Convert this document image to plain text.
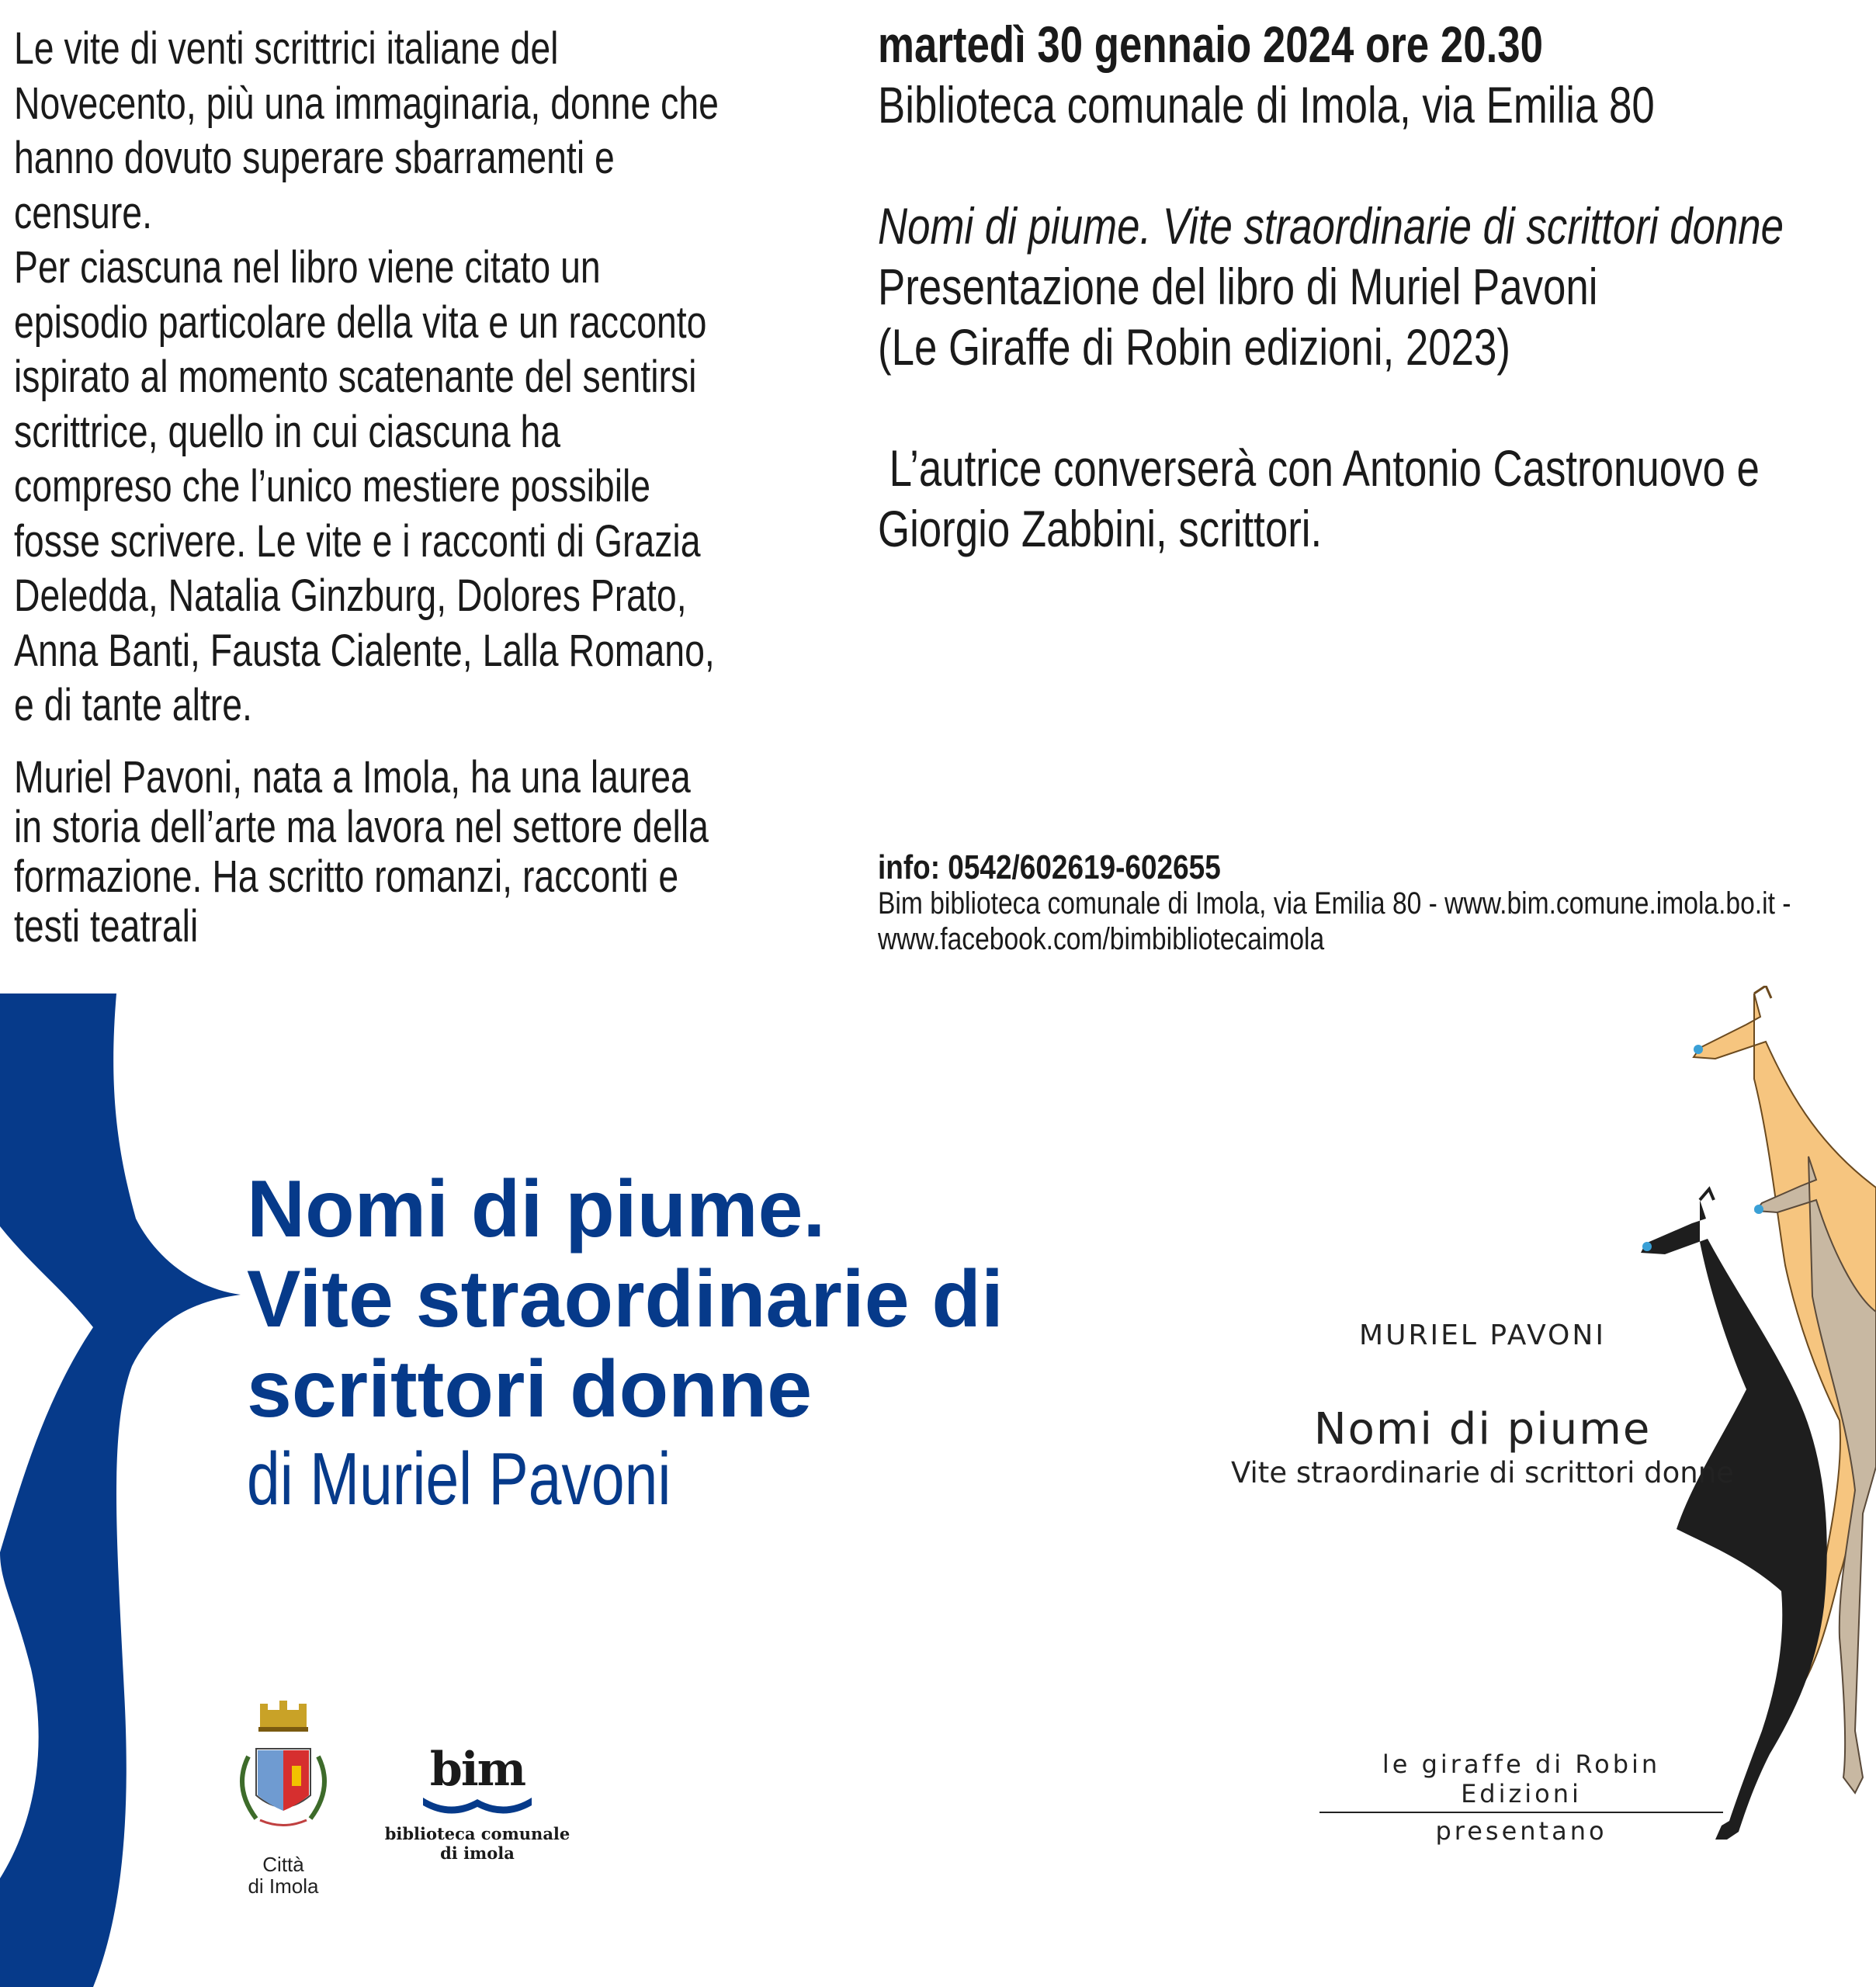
Le vite di venti scrittrici italiane del Novecento, più una immaginaria, donne che hanno dovuto superare sbarramenti e censure.

Per ciascuna nel libro viene citato un episodio particolare della vita e un racconto ispirato al momento scatenante del sentirsi scrittrice, quello in cui ciascuna ha compreso che l’unico mestiere possibile fosse scrivere. Le vite e i racconti di Grazia Deledda, Natalia Ginzburg, Dolores Prato, Anna Banti, Fausta Cialente, Lalla Romano, e di tante altre.

Muriel Pavoni, nata a Imola, ha una laurea in storia dell’arte ma lavora nel settore della formazione. Ha scritto romanzi, racconti e testi teatrali
martedì 30 gennaio 2024 ore 20.30
Biblioteca comunale di Imola, via Emilia 80
Nomi di piume. Vite straordinarie di scrittori donne
Presentazione del libro di Muriel Pavoni
(Le Giraffe di Robin edizioni, 2023)
L’autrice converserà con Antonio Castronuovo e Giorgio Zabbini, scrittori.
info: 0542/602619-602655
Bim biblioteca comunale di Imola, via Emilia 80 - www.bim.comune.imola.bo.it -
www.facebook.com/bimbibliotecaimola
Nomi di piume.
Vite straordinarie di
scrittori donne
di Muriel Pavoni
Città
di Imola
bim
biblioteca comunale
di imola
MURIEL PAVONI
Nomi di piume
Vite straordinarie di scrittori donne
le giraffe di Robin Edizioni
presentano
